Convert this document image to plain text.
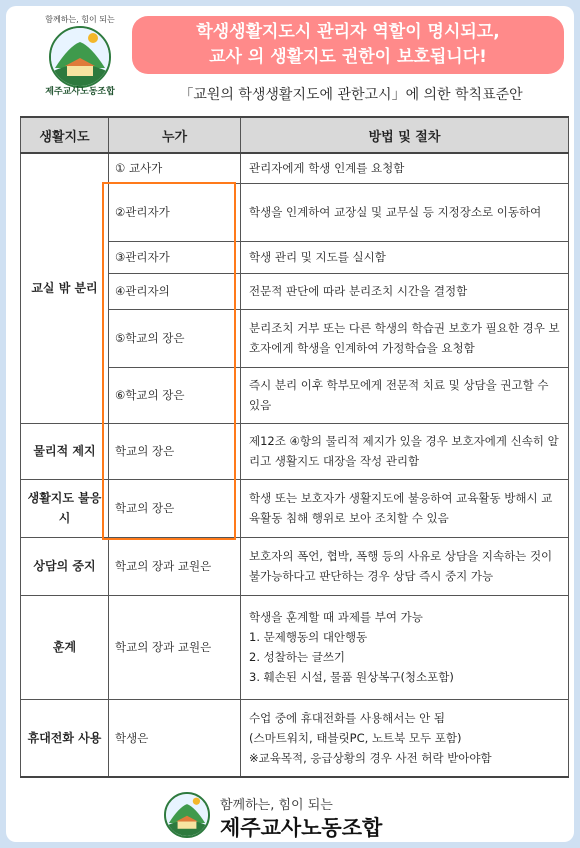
함께하는, 힘이 되는
제주교사노동조합
학생생활지도시 관리자 역할이 명시되고,
교사 의 생활지도 권한이 보호됩니다!
「교원의 학생생활지도에 관한고시」에 의한 학칙표준안
생활지도	누가	방법 및 절차
교실 밖 분리	① 교사가	관리자에게 학생 인계를 요청함
	②관리자가	학생을 인계하여 교장실 및 교무실 등 지정장소로 이동하여
	③관리자가	학생 관리 및 지도를 실시함
	④관리자의	전문적 판단에 따라 분리조치 시간을 결정함
	⑤학교의 장은	분리조치 거부 또는 다른 학생의 학습권 보호가 필요한 경우 보호자에게 학생을 인계하여 가정학습을 요청함
	⑥학교의 장은	즉시 분리 이후 학부모에게 전문적 치료 및 상담을 권고할 수 있음
물리적 제지	학교의 장은	제12조 ④항의 물리적 제지가 있을 경우 보호자에게 신속히 알리고 생활지도 대장을 작성 관리함
생활지도 불응시	학교의 장은	학생 또는 보호자가 생활지도에 불응하여 교육활동 방해시 교육활동 침해 행위로 보아 조치할 수 있음
상담의 중지	학교의 장과 교원은	보호자의 폭언, 협박, 폭행 등의 사유로 상담을 지속하는 것이 불가능하다고 판단하는 경우 상담 즉시 중지 가능
훈계	학교의 장과 교원은	학생을 훈계할 때 과제를 부여 가능
1. 문제행동의 대안행동
2. 성찰하는 글쓰기
3. 훼손된 시설, 물품 원상복구(청소포함)

휴대전화 사용	학생은	수업 중에 휴대전화를 사용해서는 안 됨
(스마트워치, 태블릿PC, 노트북 모두 포함)
※교육목적, 응급상황의 경우 사전 허락 받아야함
함께하는, 힘이 되는
제주교사노동조합
